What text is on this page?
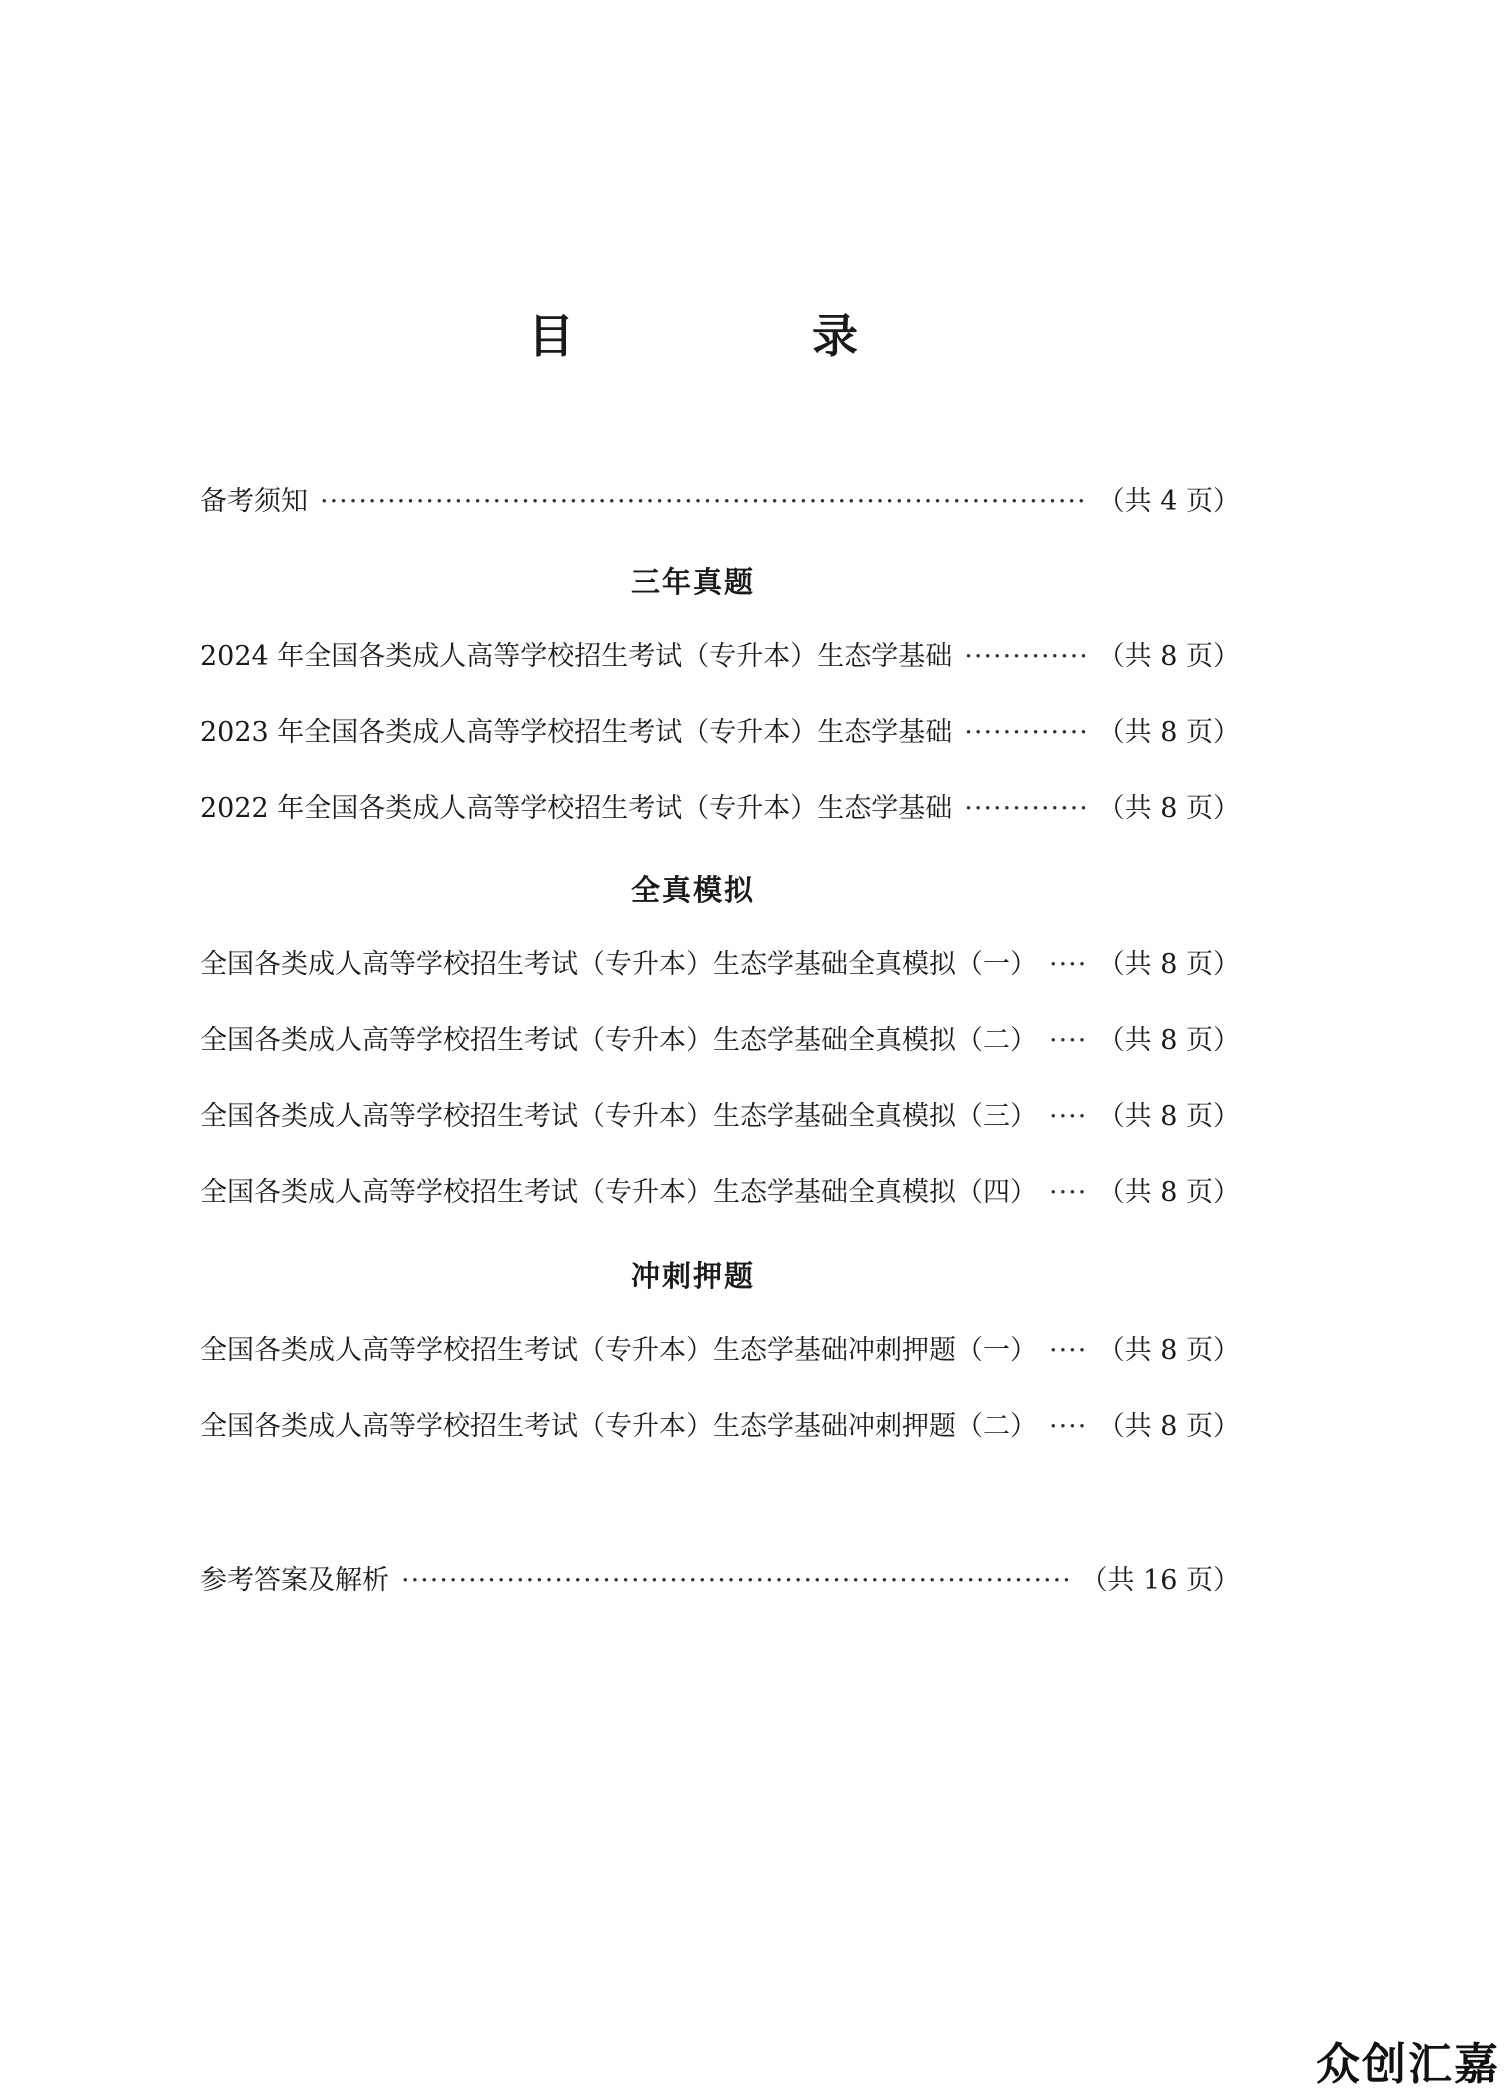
目　录
备考须知 ·····	（共 4 页）
三年真题
2024 年全国各类成人高等学校招生考试（专升本）生态学基础 ·····	（共 8 页）
2023 年全国各类成人高等学校招生考试（专升本）生态学基础 ·····	（共 8 页）
2022 年全国各类成人高等学校招生考试（专升本）生态学基础 ·····	（共 8 页）
全真模拟
全国各类成人高等学校招生考试（专升本）生态学基础全真模拟（一） ····· （共 8 页）
全国各类成人高等学校招生考试（专升本）生态学基础全真模拟（二） ····· （共 8 页）
全国各类成人高等学校招生考试（专升本）生态学基础全真模拟（三） ····· （共 8 页）
全国各类成人高等学校招生考试（专升本）生态学基础全真模拟（四） ····· （共 8 页）
冲刺押题
全国各类成人高等学校招生考试（专升本）生态学基础冲刺押题（一） ····· （共 8 页）
全国各类成人高等学校招生考试（专升本）生态学基础冲刺押题（二） ····· （共 8 页）
参考答案及解析 ·····	（共 16 页）
众创汇嘉
